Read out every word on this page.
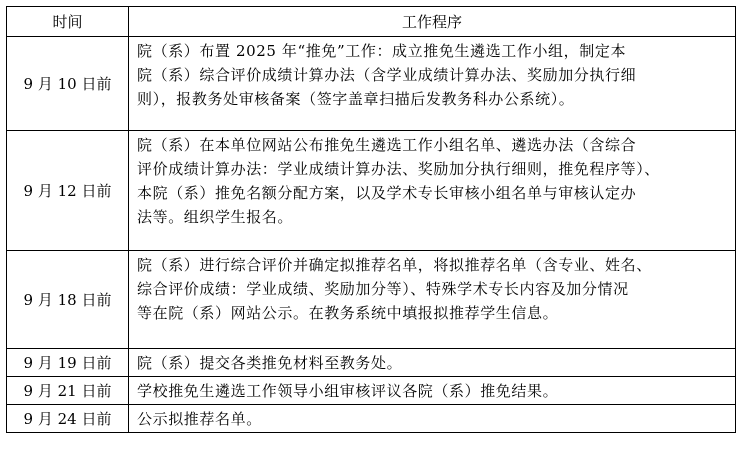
时间	工作程序
9 月 10 日前	院（系）布置 2025 年“推免”工作：成立推免生遴选工作小组，制定本
院（系）综合评价成绩计算办法（含学业成绩计算办法、奖励加分执行细
则），报教务处审核备案（签字盖章扫描后发教务科办公系统）。

9 月 12 日前	院（系）在本单位网站公布推免生遴选工作小组名单、遴选办法（含综合
评价成绩计算办法：学业成绩计算办法、奖励加分执行细则，推免程序等）、
本院（系）推免名额分配方案，以及学术专长审核小组名单与审核认定办
法等。组织学生报名。

9 月 18 日前	院（系）进行综合评价并确定拟推荐名单，将拟推荐名单（含专业、姓名、
综合评价成绩：学业成绩、奖励加分等）、特殊学术专长内容及加分情况
等在院（系）网站公示。在教务系统中填报拟推荐学生信息。

9 月 19 日前	院（系）提交各类推免材料至教务处。

9 月 21 日前	学校推免生遴选工作领导小组审核评议各院（系）推免结果。

9 月 24 日前	公示拟推荐名单。
